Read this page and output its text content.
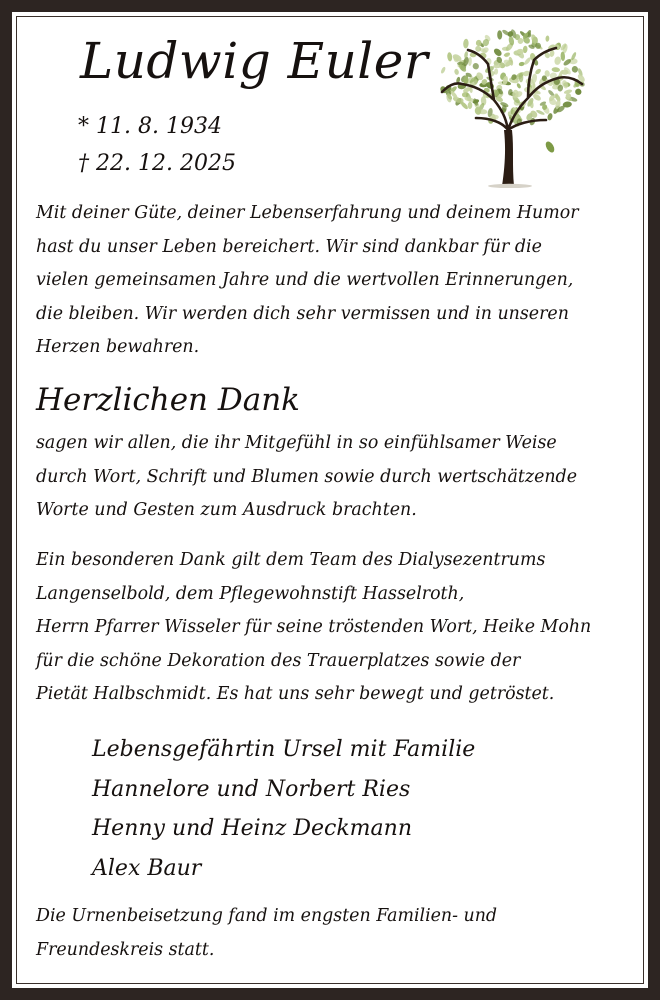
Ludwig Euler
* 11. 8. 1934
† 22. 12. 2025
Mit deiner Güte, deiner Lebenserfahrung und deinem Humor
hast du unser Leben bereichert. Wir sind dankbar für die
vielen gemeinsamen Jahre und die wertvollen Erinnerungen,
die bleiben. Wir werden dich sehr vermissen und in unseren
Herzen bewahren.
Herzlichen Dank
sagen wir allen, die ihr Mitgefühl in so einfühlsamer Weise
durch Wort, Schrift und Blumen sowie durch wertschätzende
Worte und Gesten zum Ausdruck brachten.
Ein besonderen Dank gilt dem Team des Dialysezentrums
Langenselbold, dem Pflegewohnstift Hasselroth,
Herrn Pfarrer Wisseler für seine tröstenden Wort, Heike Mohn
für die schöne Dekoration des Trauerplatzes sowie der
Pietät Halbschmidt. Es hat uns sehr bewegt und getröstet.
Lebensgefährtin Ursel mit Familie
Hannelore und Norbert Ries
Henny und Heinz Deckmann
Alex Baur
Die Urnenbeisetzung fand im engsten Familien- und
Freundeskreis statt.
